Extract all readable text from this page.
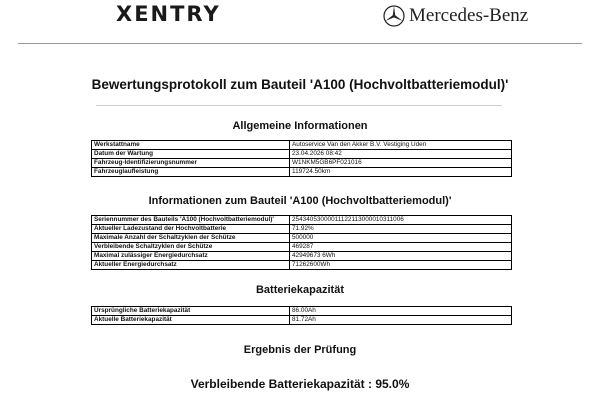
XENTRY	Mercedes-Benz
Bewertungsprotokoll zum Bauteil 'A100 (Hochvoltbatteriemodul)'
Allgemeine Informationen
Werkstattname	Autoservice Van den Akker B.V. Vestiging Uden
Datum der Wartung	23.04.2026 08:42
Fahrzeug-Identifizierungsnummer	W1NKM5GB6PF021016
Fahrzeuglaufleistung	119724.50km
Informationen zum Bauteil 'A100 (Hochvoltbatteriemodul)'
Seriennummer des Bauteils 'A100 (Hochvoltbatteriemodul)'	25434053000011122113000010311006
Aktueller Ladezustand der Hochvoltbatterie	71.92%
Maximale Anzahl der Schaltzyklen der Schütze	500000
Verbleibende Schaltzyklen der Schütze	469287
Maximal zulässiger Energiedurchsatz	42949673 6Wh
Aktueller Energiedurchsatz	71262600Wh
Batteriekapazität
Ursprüngliche Batteriekapazität	86.00Ah
Aktuelle Batteriekapazität	81.72Ah
Ergebnis der Prüfung
Verbleibende Batteriekapazität : 95.0%
